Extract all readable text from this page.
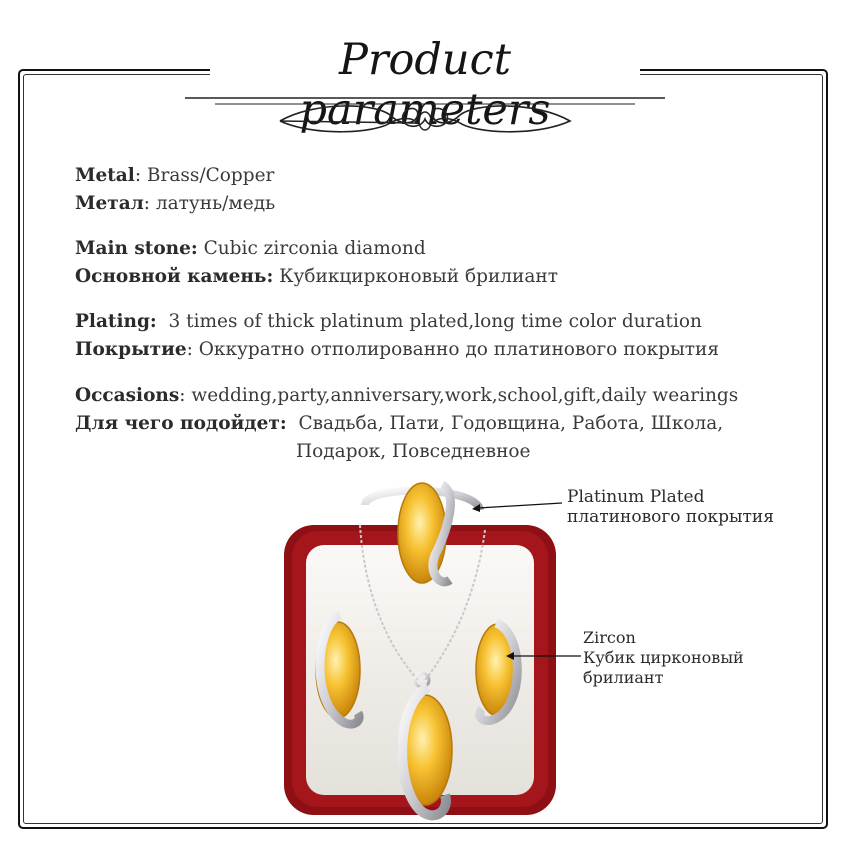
Product parameters
Metal: Brass/Copper
Метал: латунь/медь
Main stone: Cubic zirconia diamond
Основной камень: Кубикцирконовый брилиант
Plating:  3 times of thick platinum plated,long time color duration
Покрытие: Оккуратно отполированно до платинового покрытия
Occasions: wedding,party,anniversary,work,school,gift,daily wearings
Для чего подойдет:  Свадьба, Пати, Годовщина, Работа, Школа,
Подарок, Повседневное
Platinum Plated
платинового покрытия
Zircon
Кубик цирконовый
брилиант
